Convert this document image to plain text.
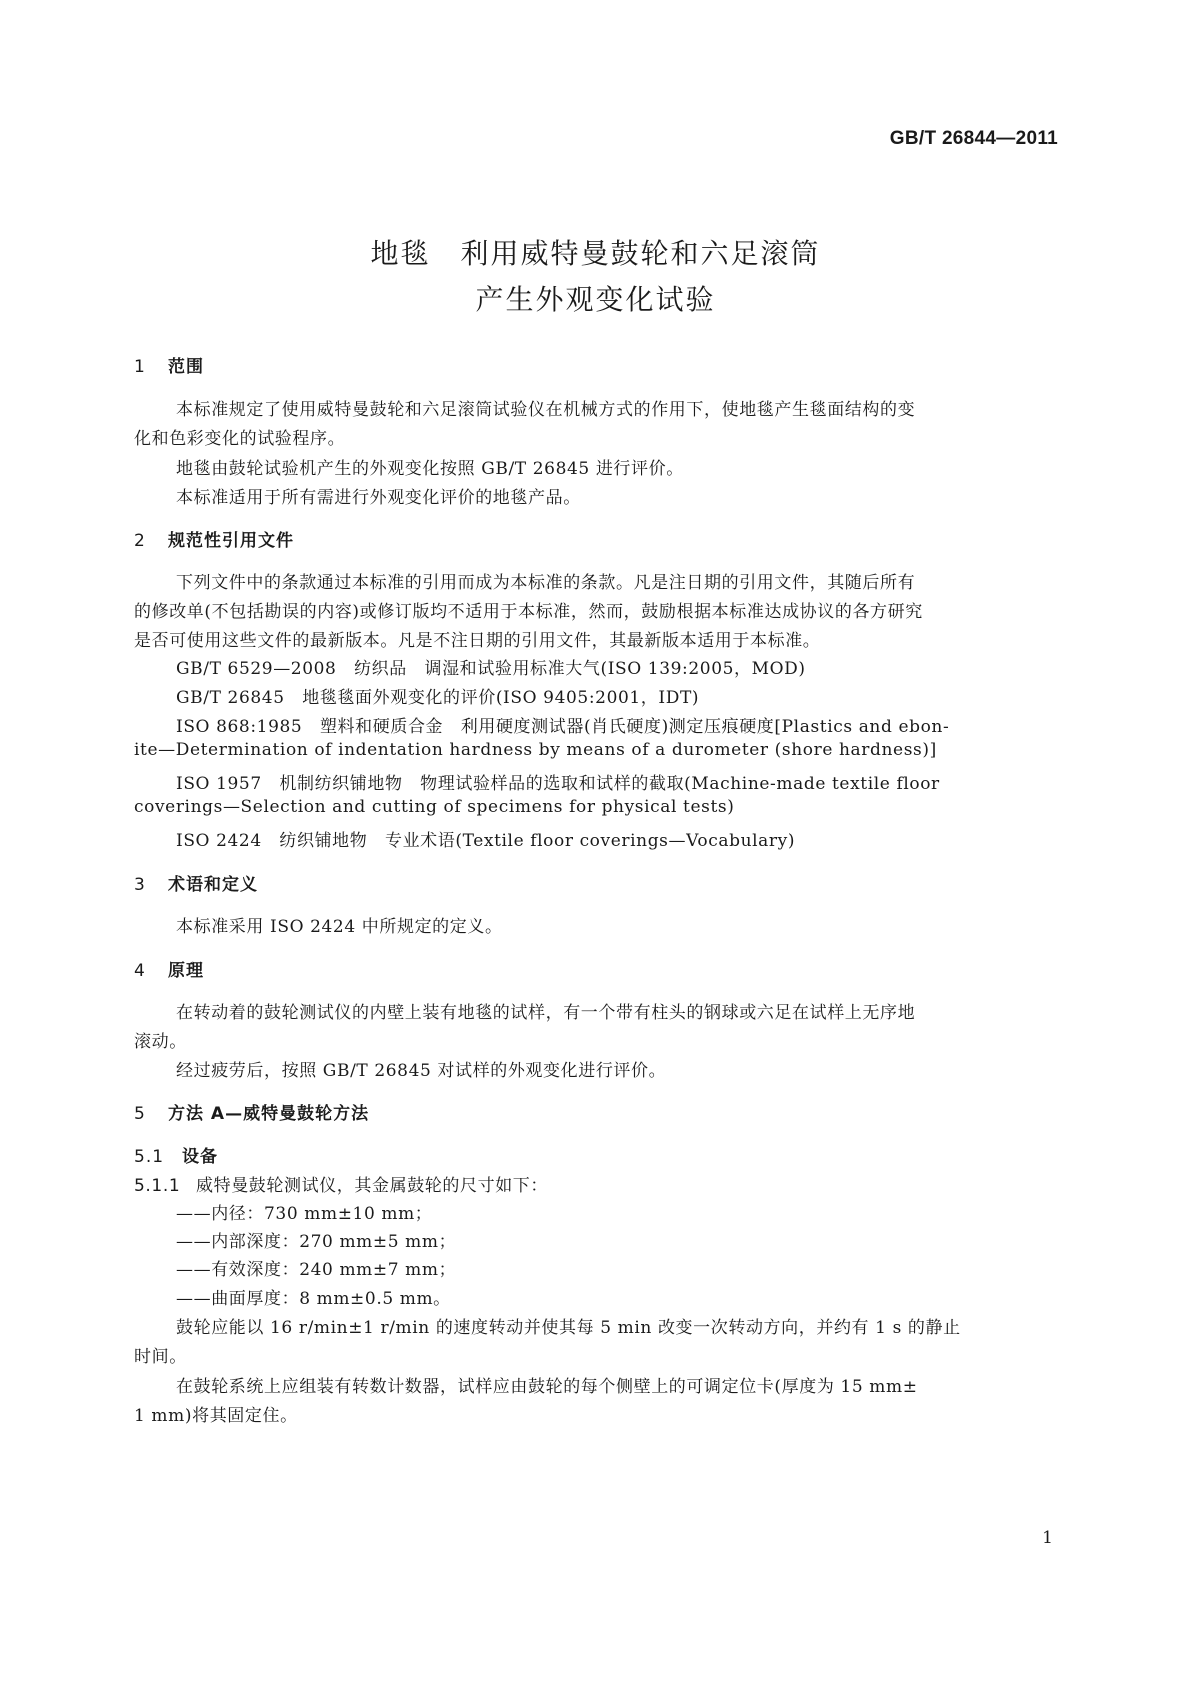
GB/T 26844—2011
地毯　利用威特曼鼓轮和六足滚筒
产生外观变化试验
1 范围
本标准规定了使用威特曼鼓轮和六足滚筒试验仪在机械方式的作用下，使地毯产生毯面结构的变
化和色彩变化的试验程序。
地毯由鼓轮试验机产生的外观变化按照 GB/T 26845 进行评价。
本标准适用于所有需进行外观变化评价的地毯产品。
2 规范性引用文件
下列文件中的条款通过本标准的引用而成为本标准的条款。凡是注日期的引用文件，其随后所有
的修改单(不包括勘误的内容)或修订版均不适用于本标准，然而，鼓励根据本标准达成协议的各方研究
是否可使用这些文件的最新版本。凡是不注日期的引用文件，其最新版本适用于本标准。
GB/T 6529—2008　纺织品　调湿和试验用标准大气(ISO 139:2005，MOD)
GB/T 26845　地毯毯面外观变化的评价(ISO 9405:2001，IDT)
ISO 868:1985　塑料和硬质合金　利用硬度测试器(肖氏硬度)测定压痕硬度[Plastics and ebon-
ite—Determination of indentation hardness by means of a durometer (shore hardness)]
ISO 1957　机制纺织铺地物　物理试验样品的选取和试样的截取(Machine-made textile floor
coverings—Selection and cutting of specimens for physical tests)
ISO 2424　纺织铺地物　专业术语(Textile floor coverings—Vocabulary)
3 术语和定义
本标准采用 ISO 2424 中所规定的定义。
4 原理
在转动着的鼓轮测试仪的内壁上装有地毯的试样，有一个带有柱头的钢球或六足在试样上无序地
滚动。
经过疲劳后，按照 GB/T 26845 对试样的外观变化进行评价。
5 方法 A—威特曼鼓轮方法
5.1 设备
5.1.1 威特曼鼓轮测试仪，其金属鼓轮的尺寸如下：
——内径：730 mm±10 mm；
——内部深度：270 mm±5 mm；
——有效深度：240 mm±7 mm；
——曲面厚度：8 mm±0.5 mm。
鼓轮应能以 16 r/min±1 r/min 的速度转动并使其每 5 min 改变一次转动方向，并约有 1 s 的静止
时间。
在鼓轮系统上应组装有转数计数器，试样应由鼓轮的每个侧壁上的可调定位卡(厚度为 15 mm±
1 mm)将其固定住。
1
